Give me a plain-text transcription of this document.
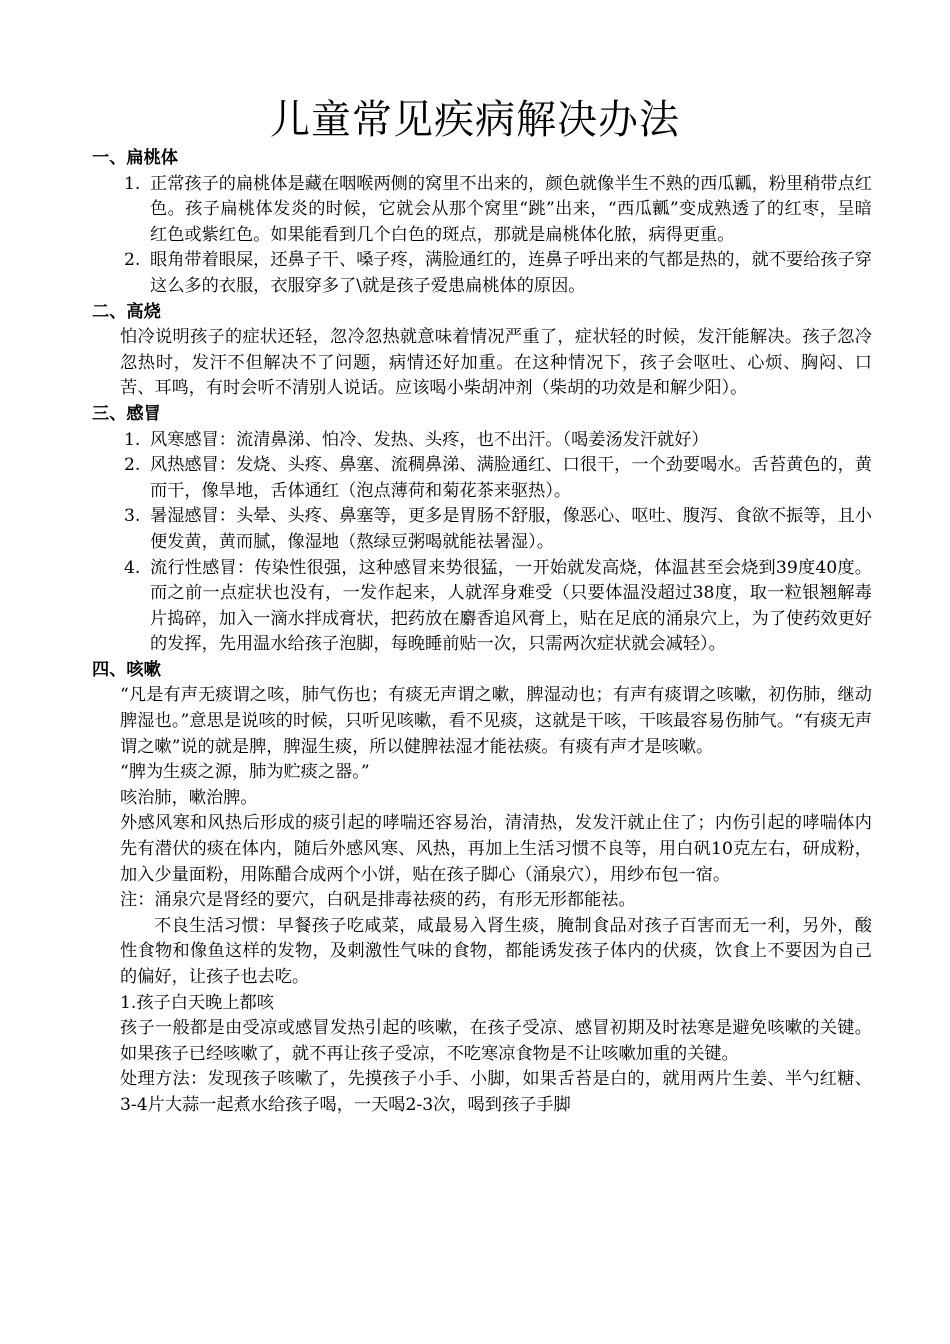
儿童常见疾病解决办法

一、扁桃体

1. 正常孩子的扁桃体是藏在咽喉两侧的窝里不出来的，颜色就像半生不熟的西瓜瓤，粉里稍带点红色。孩子扁桃体发炎的时候，它就会从那个窝里“跳”出来，“西瓜瓤”变成熟透了的红枣，呈暗红色或紫红色。如果能看到几个白色的斑点，那就是扁桃体化脓，病得更重。
2. 眼角带着眼屎，还鼻子干、嗓子疼，满脸通红的，连鼻子呼出来的气都是热的，就不要给孩子穿这么多的衣服，衣服穿多了\就是孩子爱患扁桃体的原因。

二、高烧

怕冷说明孩子的症状还轻，忽冷忽热就意味着情况严重了，症状轻的时候，发汗能解决。孩子忽冷忽热时，发汗不但解决不了问题，病情还好加重。在这种情况下，孩子会呕吐、心烦、胸闷、口苦、耳鸣，有时会听不清别人说话。应该喝小柴胡冲剂（柴胡的功效是和解少阳）。

三、感冒

1. 风寒感冒：流清鼻涕、怕冷、发热、头疼，也不出汗。（喝姜汤发汗就好）
2. 风热感冒：发烧、头疼、鼻塞、流稠鼻涕、满脸通红、口很干，一个劲要喝水。舌苔黄色的，黄而干，像旱地，舌体通红（泡点薄荷和菊花茶来驱热）。
3. 暑湿感冒：头晕、头疼、鼻塞等，更多是胃肠不舒服，像恶心、呕吐、腹泻、食欲不振等，且小便发黄，黄而腻，像湿地（熬绿豆粥喝就能祛暑湿）。
4. 流行性感冒：传染性很强，这种感冒来势很猛，一开始就发高烧，体温甚至会烧到39度40度。而之前一点症状也没有，一发作起来，人就浑身难受（只要体温没超过38度，取一粒银翘解毒片捣碎，加入一滴水拌成膏状，把药放在麝香追风膏上，贴在足底的涌泉穴上，为了使药效更好的发挥，先用温水给孩子泡脚，每晚睡前贴一次，只需两次症状就会减轻）。

四、咳嗽

“凡是有声无痰谓之咳，肺气伤也；有痰无声谓之嗽，脾湿动也；有声有痰谓之咳嗽，初伤肺，继动脾湿也。”意思是说咳的时候，只听见咳嗽，看不见痰，这就是干咳，干咳最容易伤肺气。“有痰无声谓之嗽”说的就是脾，脾湿生痰，所以健脾祛湿才能祛痰。有痰有声才是咳嗽。

“脾为生痰之源，肺为贮痰之器。”

咳治肺，嗽治脾。

外感风寒和风热后形成的痰引起的哮喘还容易治，清清热，发发汗就止住了；内伤引起的哮喘体内先有潜伏的痰在体内，随后外感风寒、风热，再加上生活习惯不良等，用白矾10克左右，研成粉，加入少量面粉，用陈醋合成两个小饼，贴在孩子脚心（涌泉穴），用纱布包一宿。

注：涌泉穴是肾经的要穴，白矾是排毒祛痰的药，有形无形都能祛。

不良生活习惯：早餐孩子吃咸菜，咸最易入肾生痰，腌制食品对孩子百害而无一利，另外，酸性食物和像鱼这样的发物，及刺激性气味的食物，都能诱发孩子体内的伏痰，饮食上不要因为自己的偏好，让孩子也去吃。

1.孩子白天晚上都咳

孩子一般都是由受凉或感冒发热引起的咳嗽，在孩子受凉、感冒初期及时祛寒是避免咳嗽的关键。如果孩子已经咳嗽了，就不再让孩子受凉，不吃寒凉食物是不让咳嗽加重的关键。

处理方法：发现孩子咳嗽了，先摸孩子小手、小脚，如果舌苔是白的，就用两片生姜、半勺红糖、3-4片大蒜一起煮水给孩子喝，一天喝2-3次，喝到孩子手脚
